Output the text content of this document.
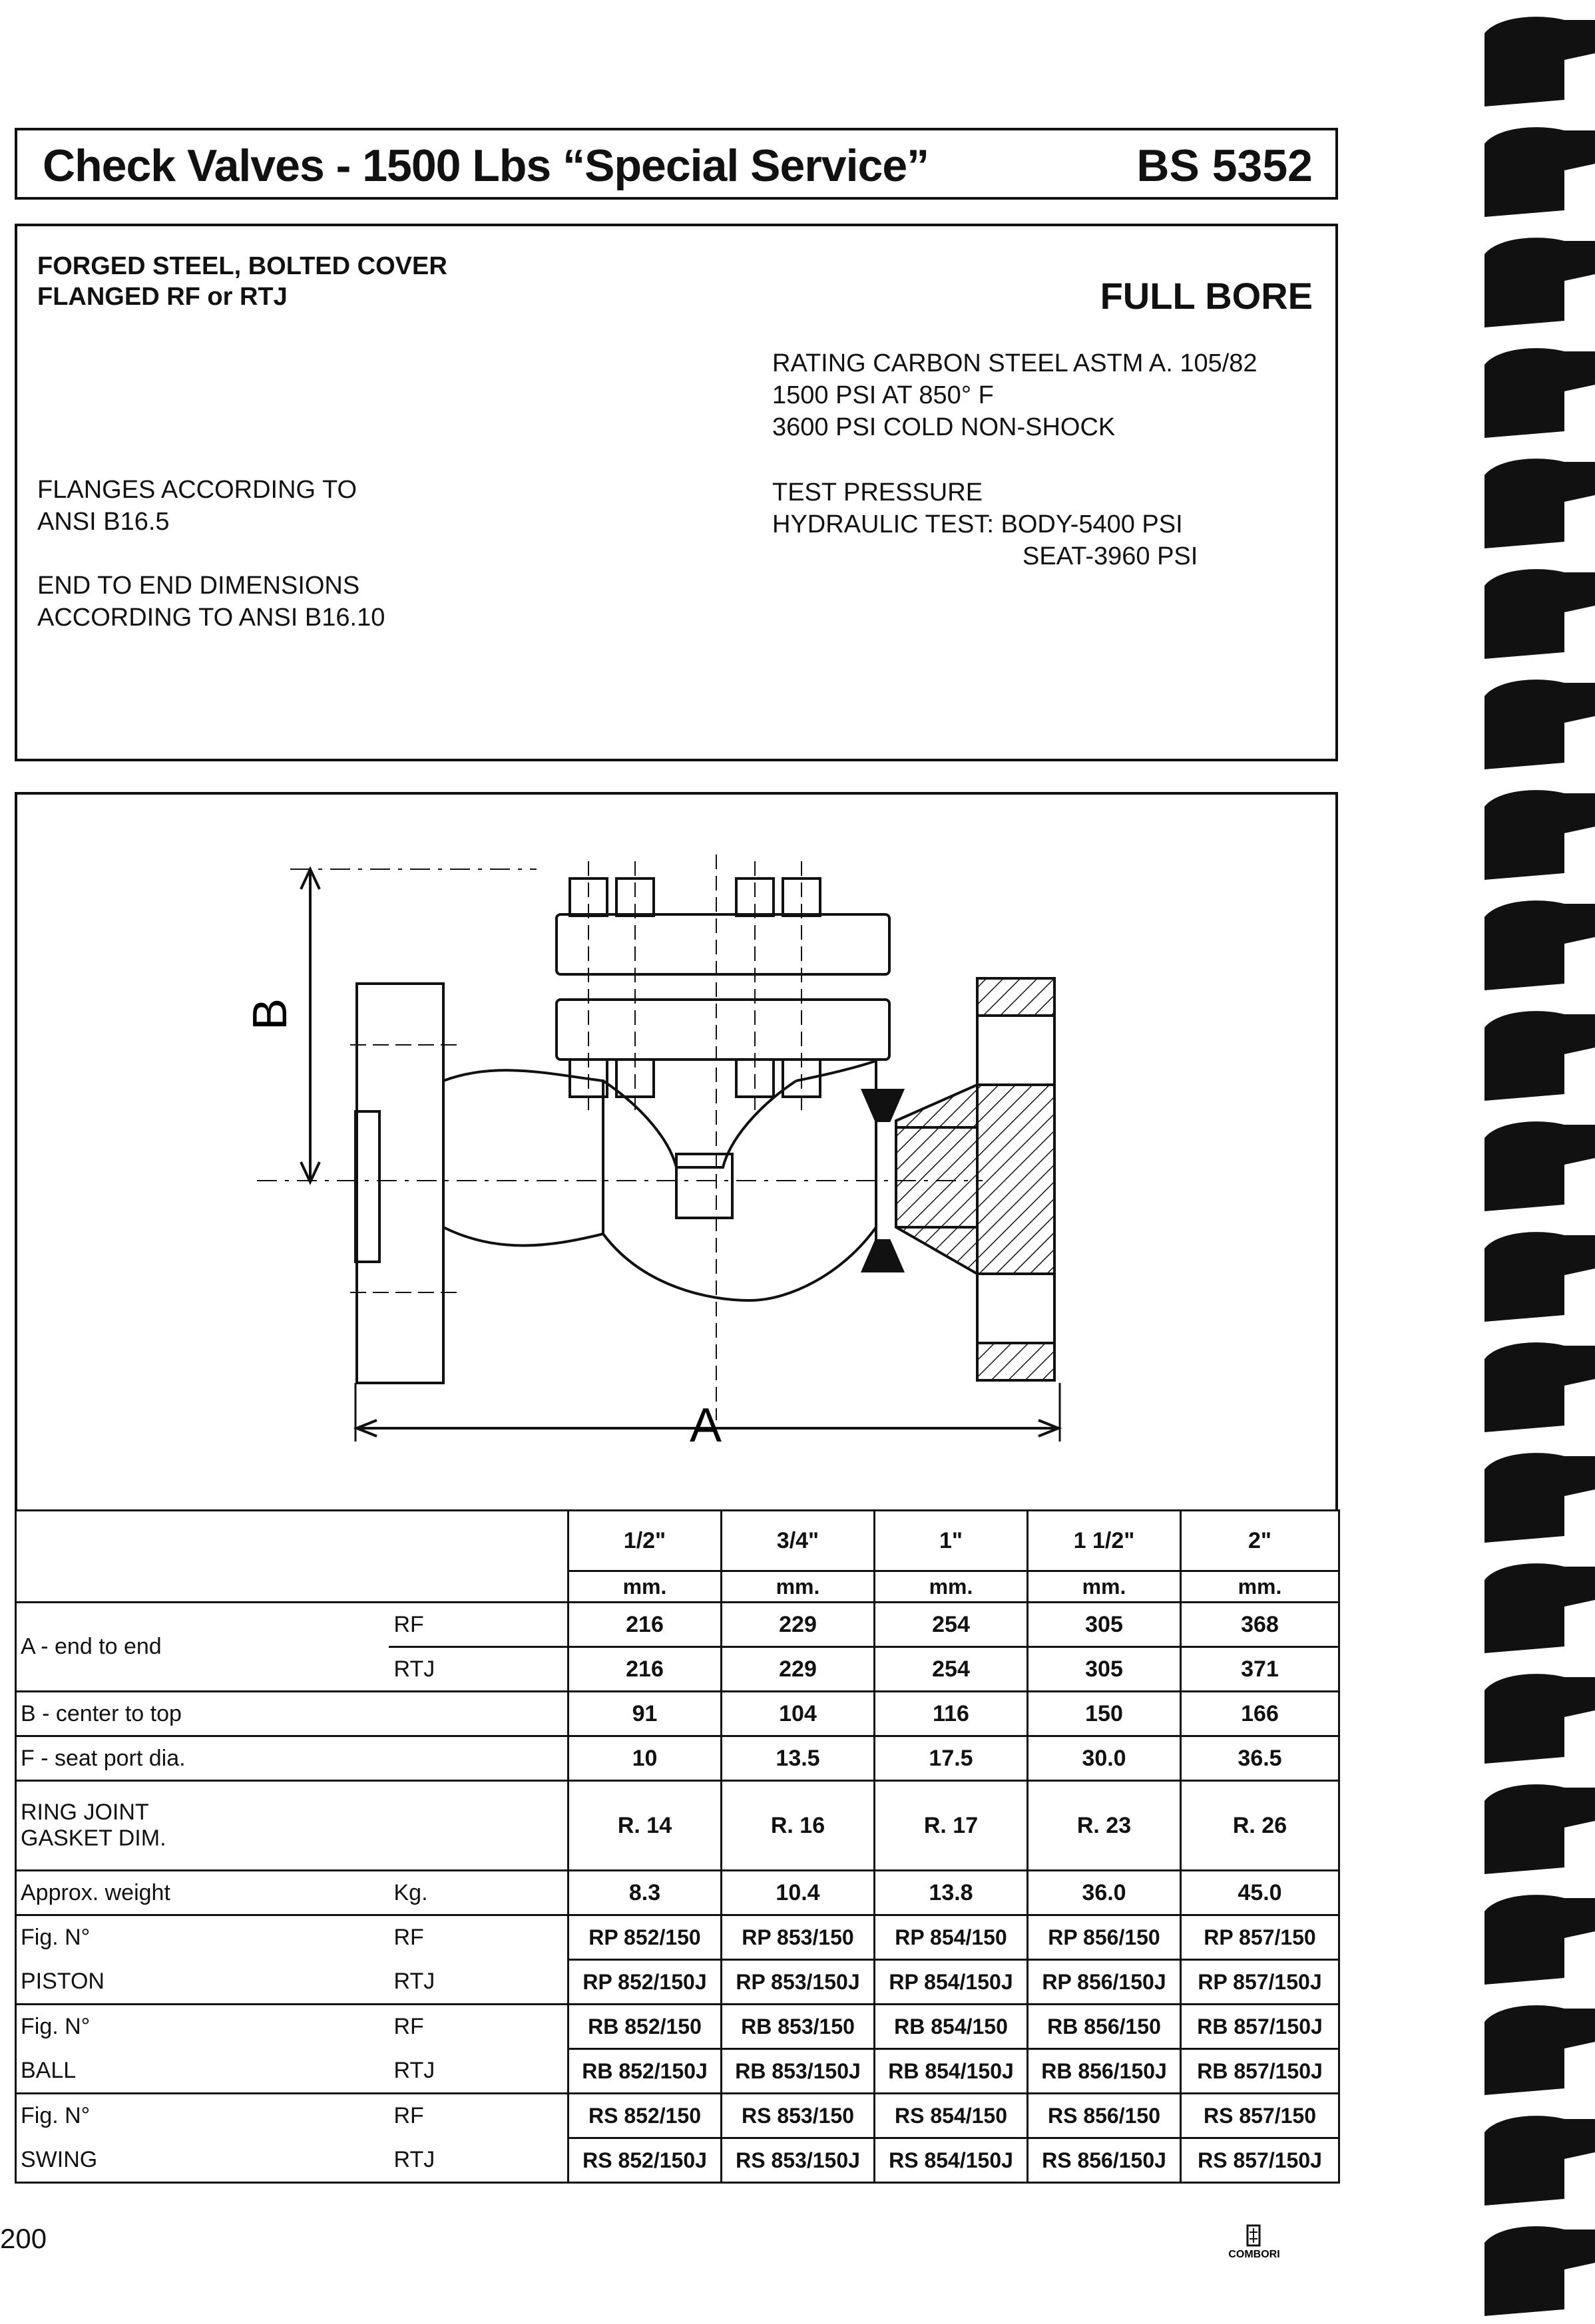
Check Valves - 1500 Lbs “Special Service”	BS 5352
FORGED STEEL, BOLTED COVER
FLANGED RF or RTJ	FULL BORE
RATING CARBON STEEL ASTM A. 105/82
1500 PSI AT 850° F
3600 PSI COLD NON-SHOCK
FLANGES ACCORDING TO
ANSI B16.5
TEST PRESSURE
HYDRAULIC TEST: BODY-5400 PSI
SEAT-3960 PSI
END TO END DIMENSIONS
ACCORDING TO ANSI B16.10
A
B
		1/2"	3/4"	1"	1 1/2"	2"
		mm.	mm.	mm.	mm.	mm.
A - end to end	RF	216	229	254	305	368
	RTJ	216	229	254	305	371
B - center to top		91	104	116	150	166
F - seat port dia.		10	13.5	17.5	30.0	36.5

RING JOINT
GASKET DIM.		R. 14	R. 16	R. 17	R. 23	R. 26
Approx. weight	Kg.	8.3	10.4	13.8	36.0	45.0
Fig. N°	RF	RP 852/150	RP 853/150	RP 854/150	RP 856/150	RP 857/150
PISTON	RTJ	RP 852/150J	RP 853/150J	RP 854/150J	RP 856/150J	RP 857/150J
Fig. N°	RF	RB 852/150	RB 853/150	RB 854/150	RB 856/150	RB 857/150J
BALL	RTJ	RB 852/150J	RB 853/150J	RB 854/150J	RB 856/150J	RB 857/150J
Fig. N°	RF	RS 852/150	RS 853/150	RS 854/150	RS 856/150	RS 857/150
SWING	RTJ	RS 852/150J	RS 853/150J	RS 854/150J	RS 856/150J	RS 857/150J
200
COMBORI
